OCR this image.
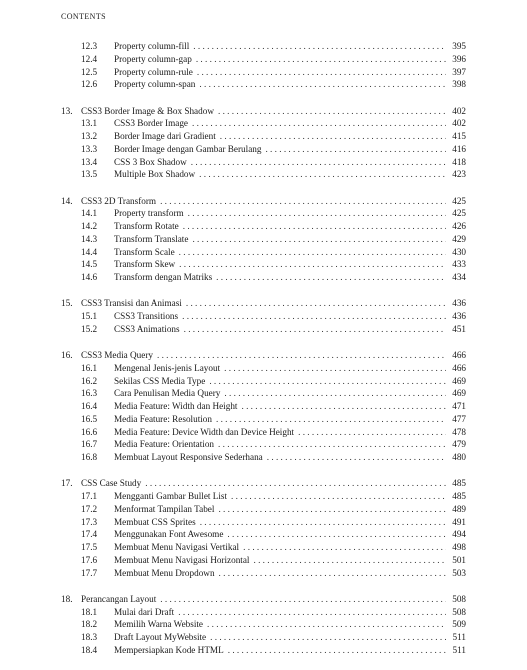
CONTENTS
12.3	Property column-fill . . .	395
12.4	Property column-gap . . .	396
12.5	Property column-rule . . .	397
12.6	Property column-span . . .	398
13. CSS3 Border Image & Box Shadow . . .	402
13.1	CSS3 Border Image . . .	402
13.2	Border Image dari Gradient . . .	415
13.3	Border Image dengan Gambar Berulang . . .	416
13.4	CSS 3 Box Shadow . . .	418
13.5	Multiple Box Shadow . . .	423
14. CSS3 2D Transform . . .	425
14.1	Property transform . . .	425
14.2	Transform Rotate . . .	426
14.3	Transform Translate . . .	429
14.4	Transform Scale . . .	430
14.5	Transform Skew . . .	433
14.6	Transform dengan Matriks . . .	434
15. CSS3 Transisi dan Animasi . . .	436
15.1	CSS3 Transitions . . .	436
15.2	CSS3 Animations . . .	451
16. CSS3 Media Query . . .	466
16.1	Mengenal Jenis-jenis Layout . . .	466
16.2	Sekilas CSS Media Type . . .	469
16.3	Cara Penulisan Media Query . . .	469
16.4	Media Feature: Width dan Height . . .	471
16.5	Media Feature: Resolution . . .	477
16.6	Media Feature: Device Width dan Device Height . . .	478
16.7	Media Feature: Orientation . . .	479
16.8	Membuat Layout Responsive Sederhana . . .	480
17. CSS Case Study . . .	485
17.1	Mengganti Gambar Bullet List . . .	485
17.2	Menformat Tampilan Tabel . . .	489
17.3	Membuat CSS Sprites . . .	491
17.4	Menggunakan Font Awesome . . .	494
17.5	Membuat Menu Navigasi Vertikal . . .	498
17.6	Membuat Menu Navigasi Horizontal . . .	501
17.7	Membuat Menu Dropdown . . .	503
18. Perancangan Layout . . .	508
18.1	Mulai dari Draft . . .	508
18.2	Memilih Warna Website . . .	509
18.3	Draft Layout MyWebsite . . .	511
18.4	Mempersiapkan Kode HTML . . .	511
